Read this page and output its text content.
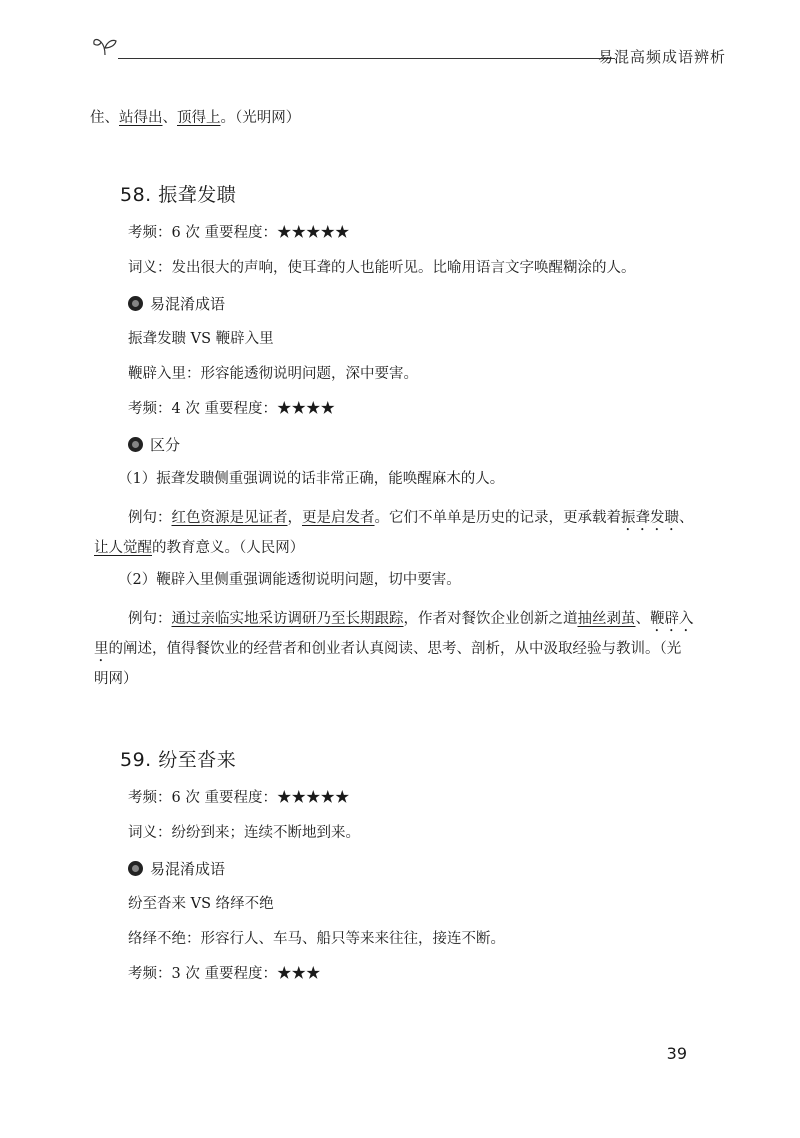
易混高频成语辨析

住、站得出、顶得上。（光明网）

58. 振聋发聩

考频：6 次 重要程度：★★★★★

词义：发出很大的声响，使耳聋的人也能听见。比喻用语言文字唤醒糊涂的人。

易混淆成语

振聋发聩 VS 鞭辟入里

鞭辟入里：形容能透彻说明问题，深中要害。

考频：4 次 重要程度：★★★★

区分

（1）振聋发聩侧重强调说的话非常正确，能唤醒麻木的人。

例句：红色资源是见证者，更是启发者。它们不单单是历史的记录，更承载着振聋发聩、让人觉醒的教育意义。（人民网）

（2）鞭辟入里侧重强调能透彻说明问题，切中要害。

例句：通过亲临实地采访调研乃至长期跟踪，作者对餐饮企业创新之道抽丝剥茧、鞭辟入里的阐述，值得餐饮业的经营者和创业者认真阅读、思考、剖析，从中汲取经验与教训。（光明网）

59. 纷至沓来

考频：6 次 重要程度：★★★★★

词义：纷纷到来；连续不断地到来。

易混淆成语

纷至沓来 VS 络绎不绝

络绎不绝：形容行人、车马、船只等来来往往，接连不断。

考频：3 次 重要程度：★★★

39
